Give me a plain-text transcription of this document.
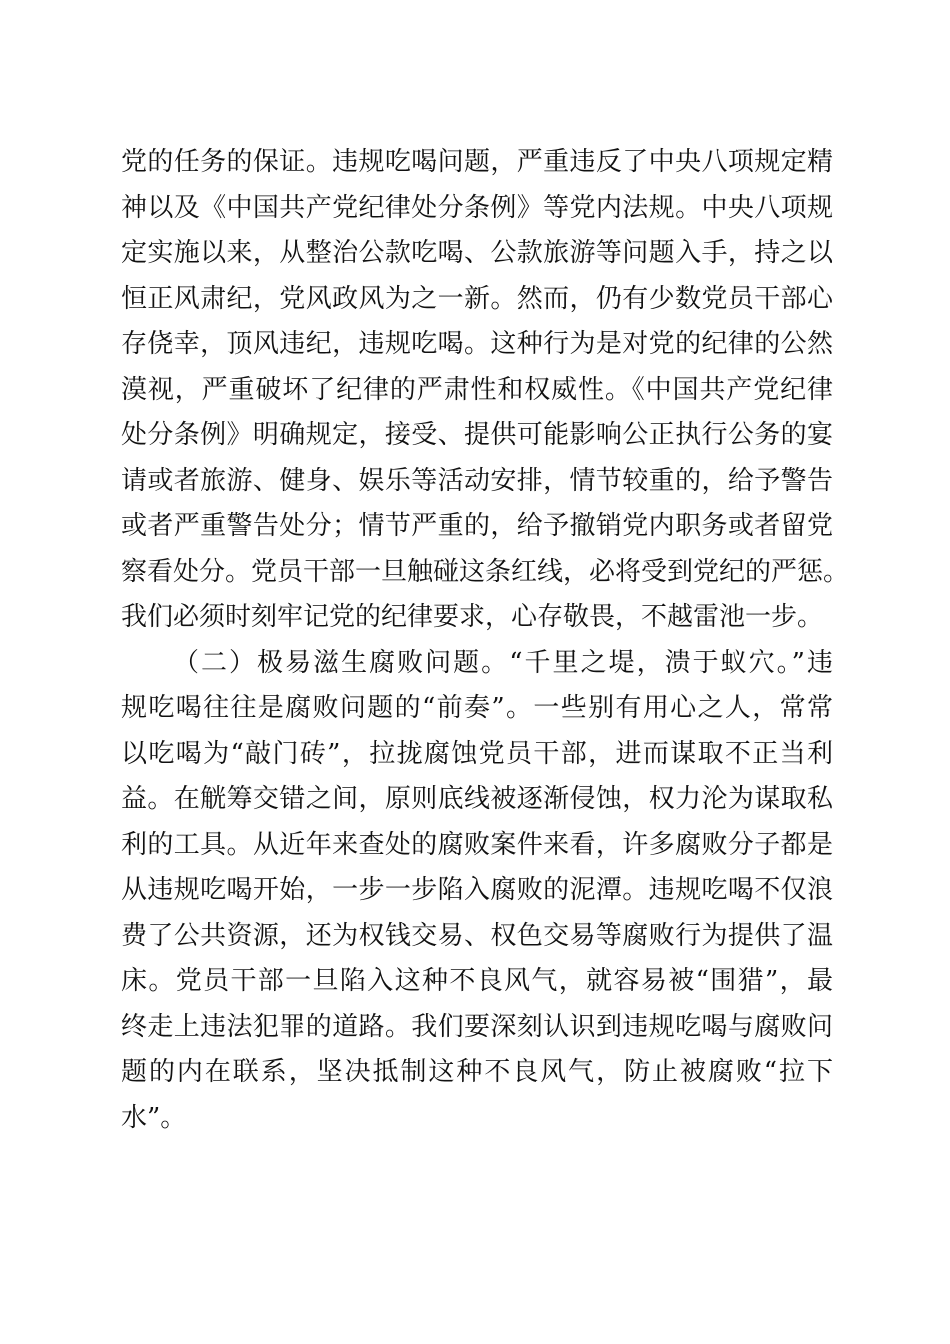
党的任务的保证。违规吃喝问题，严重违反了中央八项规定精
神以及《中国共产党纪律处分条例》等党内法规。中央八项规
定实施以来，从整治公款吃喝、公款旅游等问题入手，持之以
恒正风肃纪，党风政风为之一新。然而，仍有少数党员干部心
存侥幸，顶风违纪，违规吃喝。这种行为是对党的纪律的公然
漠视，严重破坏了纪律的严肃性和权威性。《中国共产党纪律
处分条例》明确规定，接受、提供可能影响公正执行公务的宴
请或者旅游、健身、娱乐等活动安排，情节较重的，给予警告
或者严重警告处分；情节严重的，给予撤销党内职务或者留党
察看处分。党员干部一旦触碰这条红线，必将受到党纪的严惩。
我们必须时刻牢记党的纪律要求，心存敬畏，不越雷池一步。
（二）极易滋生腐败问题。“千里之堤，溃于蚁穴。”违
规吃喝往往是腐败问题的“前奏”。一些别有用心之人，常常
以吃喝为“敲门砖”，拉拢腐蚀党员干部，进而谋取不正当利
益。在觥筹交错之间，原则底线被逐渐侵蚀，权力沦为谋取私
利的工具。从近年来查处的腐败案件来看，许多腐败分子都是
从违规吃喝开始，一步一步陷入腐败的泥潭。违规吃喝不仅浪
费了公共资源，还为权钱交易、权色交易等腐败行为提供了温
床。党员干部一旦陷入这种不良风气，就容易被“围猎”，最
终走上违法犯罪的道路。我们要深刻认识到违规吃喝与腐败问
题的内在联系，坚决抵制这种不良风气，防止被腐败“拉下
水”。
